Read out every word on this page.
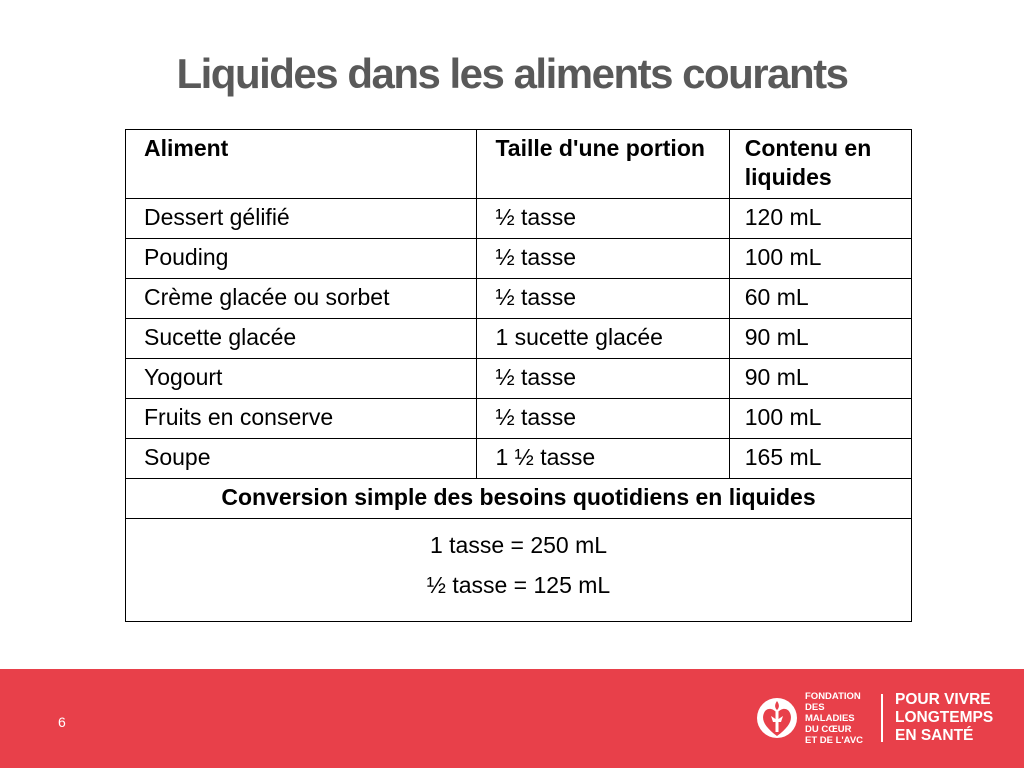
Liquides dans les aliments courants
Aliment	Taille d'une portion	Contenu en liquides
Dessert gélifié	½ tasse	120 mL
Pouding	½ tasse	100 mL
Crème glacée ou sorbet	½ tasse	60 mL
Sucette glacée	1 sucette glacée	90 mL
Yogourt	½ tasse	90 mL
Fruits en conserve	½ tasse	100 mL
Soupe	1 ½ tasse	165 mL
Conversion simple des besoins quotidiens en liquides		

1 tasse = 250 mL
½ tasse = 125 mL		
6
FONDATION
DES MALADIES
DU CŒUR
ET DE L'AVC
POUR VIVRE
LONGTEMPS
EN SANTÉ
